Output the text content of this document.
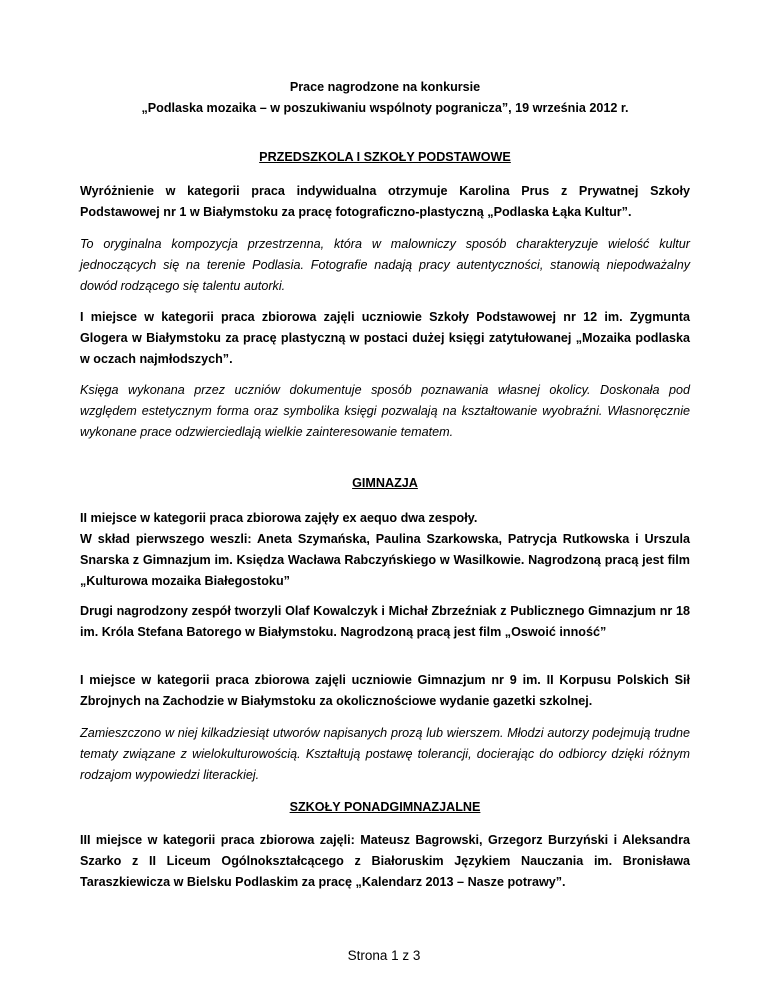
Prace nagrodzone na konkursie

„Podlaska mozaika – w poszukiwaniu wspólnoty pogranicza”, 19 września 2012 r.

PRZEDSZKOLA I SZKOŁY PODSTAWOWE

Wyróżnienie w kategorii praca indywidualna otrzymuje Karolina Prus z Prywatnej Szkoły Podstawowej nr 1 w Białymstoku za pracę fotograficzno-plastyczną „Podlaska Łąka Kultur”.

To oryginalna kompozycja przestrzenna, która w malowniczy sposób charakteryzuje wielość kultur jednoczących się na terenie Podlasia. Fotografie nadają pracy autentyczności, stanowią niepodważalny dowód rodzącego się talentu autorki.

I miejsce w kategorii praca zbiorowa zajęli uczniowie Szkoły Podstawowej nr 12 im. Zygmunta Glogera w Białymstoku za pracę plastyczną w postaci dużej księgi zatytułowanej „Mozaika podlaska w oczach najmłodszych”.

Księga wykonana przez uczniów dokumentuje sposób poznawania własnej okolicy. Doskonała pod względem estetycznym forma oraz symbolika księgi pozwalają na kształtowanie wyobraźni. Własnoręcznie wykonane prace odzwierciedlają wielkie zainteresowanie tematem.

GIMNAZJA

II miejsce w kategorii praca zbiorowa zajęły ex aequo dwa zespoły.

W skład pierwszego weszli: Aneta Szymańska, Paulina Szarkowska, Patrycja Rutkowska i Urszula Snarska z Gimnazjum im. Księdza Wacława Rabczyńskiego w Wasilkowie. Nagrodzoną pracą jest film „Kulturowa mozaika Białegostoku”

Drugi nagrodzony zespół tworzyli Olaf Kowalczyk i Michał Zbrzeźniak z Publicznego Gimnazjum nr 18 im. Króla Stefana Batorego w Białymstoku. Nagrodzoną pracą jest film „Oswoić inność”

I miejsce w kategorii praca zbiorowa zajęli uczniowie Gimnazjum nr 9 im. II Korpusu Polskich Sił Zbrojnych na Zachodzie w Białymstoku za okolicznościowe wydanie gazetki szkolnej.

Zamieszczono w niej kilkadziesiąt utworów napisanych prozą lub wierszem. Młodzi autorzy podejmują trudne tematy związane z wielokulturowością. Kształtują postawę tolerancji, docierając do odbiorcy dzięki różnym rodzajom wypowiedzi literackiej.

SZKOŁY PONADGIMNAZJALNE

III miejsce w kategorii praca zbiorowa zajęli: Mateusz Bagrowski, Grzegorz Burzyński i Aleksandra Szarko z II Liceum Ogólnokształcącego z Białoruskim Językiem Nauczania im. Bronisława Taraszkiewicza w Bielsku Podlaskim za pracę „Kalendarz 2013 – Nasze potrawy”.

Strona 1 z 3
